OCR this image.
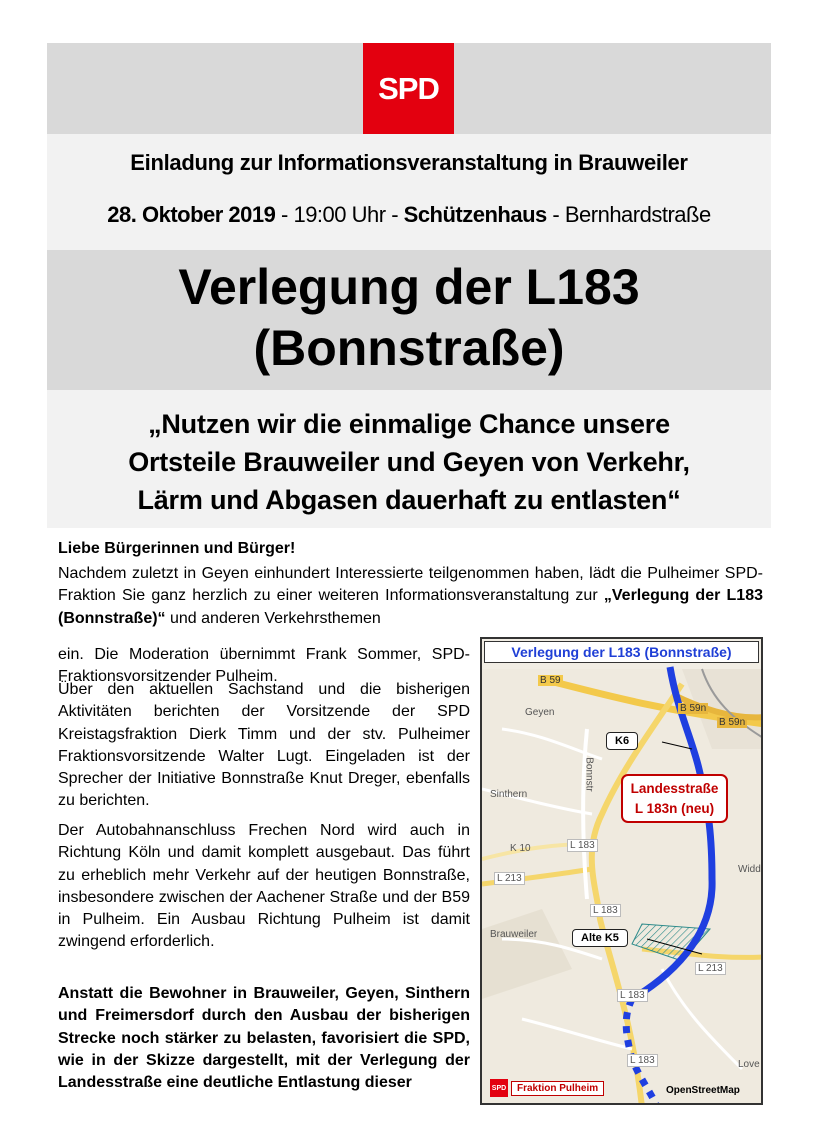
SPD
Einladung zur Informationsveranstaltung in Brauweiler
28. Oktober 2019 - 19:00 Uhr - Schützenhaus - Bernhardstraße
Verlegung der L183
(Bonnstraße)
„Nutzen wir die einmalige Chance unsere
Ortsteile Brauweiler und Geyen von Verkehr,
Lärm und Abgasen dauerhaft zu entlasten“
Liebe Bürgerinnen und Bürger!

Nachdem zuletzt in Geyen einhundert Interessierte teilgenommen haben, lädt die Pulheimer SPD-Fraktion Sie ganz herzlich zu einer weiteren Informationsveranstaltung zur „Verlegung der L183 (Bonnstraße)“ und anderen Verkehrsthemen

ein. Die Moderation übernimmt Frank Sommer, SPD-Fraktionsvorsitzender Pulheim.

Über den aktuellen Sachstand und die bisherigen Aktivitäten berichten der Vorsitzende der SPD Kreistagsfraktion Dierk Timm und der stv. Pulheimer Fraktionsvorsitzende Walter Lugt. Eingeladen ist der Sprecher der Initiative Bonnstraße Knut Dreger, ebenfalls zu berichten.

Der Autobahnanschluss Frechen Nord wird auch in Richtung Köln und damit komplett ausgebaut. Das führt zu erheblich mehr Verkehr auf der heutigen Bonnstraße, insbesondere zwischen der Aachener Straße und der B59 in Pulheim. Ein Ausbau Richtung Pulheim ist damit zwingend erforderlich.

Anstatt die Bewohner in Brauweiler, Geyen, Sinthern und Freimersdorf durch den Ausbau der bisherigen Strecke noch stärker zu belasten, favorisiert die SPD, wie in der Skizze dargestellt, mit der Verlegung der Landesstraße eine deutliche Entlastung dieser

Verlegung der L183 (Bonnstraße)
B 59
B 59n
B 59n
Geyen
Sinthern
Brauweiler
Widd
Love
L 183
L 183
L 183
L 183
L 213
L 213
K 10
Bonnstr
K6
Landesstraße
L 183n (neu)
Alte K5
SPD	Fraktion Pulheim	OpenStreetMap
